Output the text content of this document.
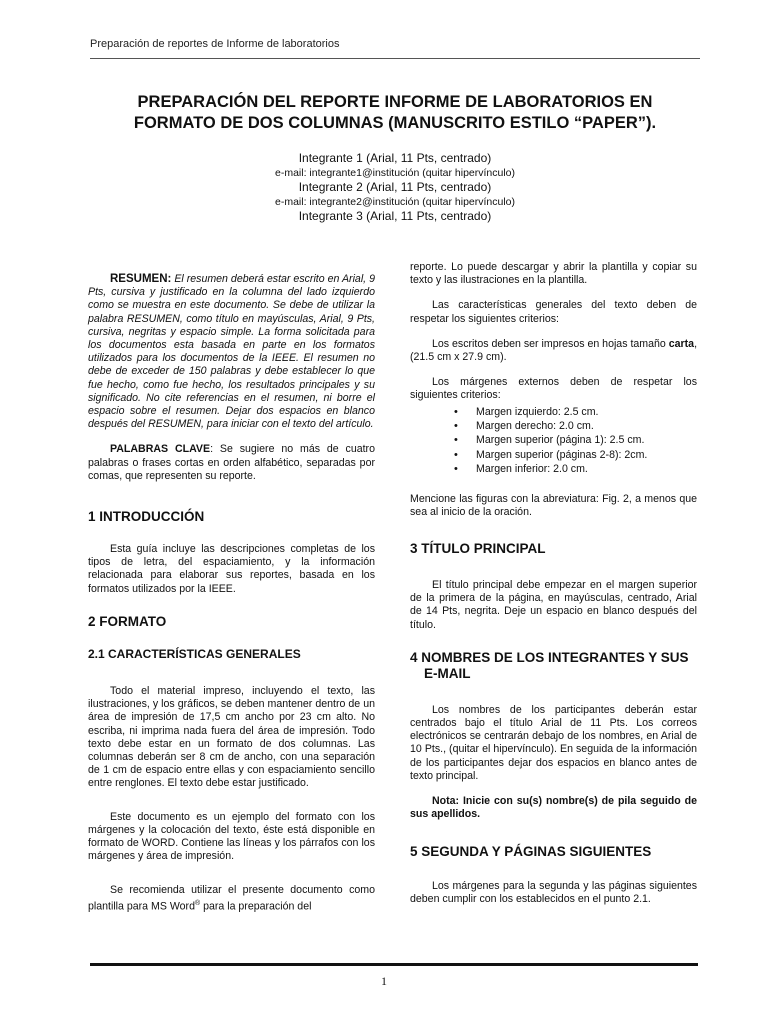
Preparación de reportes de Informe de laboratorios
PREPARACIÓN DEL REPORTE INFORME DE LABORATORIOS EN
FORMATO DE DOS COLUMNAS (MANUSCRITO ESTILO “PAPER”).
Integrante 1 (Arial, 11 Pts, centrado)
e-mail: integrante1@institución (quitar hipervínculo)
Integrante 2 (Arial, 11 Pts, centrado)
e-mail: integrante2@institución (quitar hipervínculo)
Integrante 3 (Arial, 11 Pts, centrado)

RESUMEN: El resumen deberá estar escrito en Arial, 9 Pts, cursiva y justificado en la columna del lado izquierdo como se muestra en este documento. Se debe de utilizar la palabra RESUMEN, como título en mayúsculas, Arial, 9 Pts, cursiva, negritas y espacio simple. La forma solicitada para los documentos esta basada en parte en los formatos utilizados para los documentos de la IEEE. El resumen no debe de exceder de 150 palabras y debe establecer lo que fue hecho, como fue hecho, los resultados principales y su significado. No cite referencias en el resumen, ni borre el espacio sobre el resumen. Dejar dos espacios en blanco después del RESUMEN, para iniciar con el texto del artículo.

PALABRAS CLAVE: Se sugiere no más de cuatro palabras o frases cortas en orden alfabético, separadas por comas, que representen su reporte.

1 INTRODUCCIÓN

Esta guía incluye las descripciones completas de los tipos de letra, del espaciamiento, y la información relacionada para elaborar sus reportes, basada en los formatos utilizados por la IEEE.

2 FORMATO
2.1 CARACTERÍSTICAS GENERALES

Todo el material impreso, incluyendo el texto, las ilustraciones, y los gráficos, se deben mantener dentro de un área de impresión de 17,5 cm ancho por 23 cm alto. No escriba, ni imprima nada fuera del área de impresión. Todo texto debe estar en un formato de dos columnas. Las columnas deberán ser 8 cm de ancho, con una separación de 1 cm de espacio entre ellas y con espaciamiento sencillo entre renglones. El texto debe estar justificado.

Este documento es un ejemplo del formato con los márgenes y la colocación del texto, éste está disponible en formato de WORD. Contiene las líneas y los párrafos con los márgenes y área de impresión.

Se recomienda utilizar el presente documento como plantilla para MS Word® para la preparación del

reporte. Lo puede descargar y abrir la plantilla y copiar su texto y las ilustraciones en la plantilla.

Las características generales del texto deben de respetar los siguientes criterios:

Los escritos deben ser impresos en hojas tamaño carta, (21.5 cm x 27.9 cm).

Los márgenes externos deben de respetar los siguientes criterios:

• Margen izquierdo: 2.5 cm.
• Margen derecho: 2.0 cm.
• Margen superior (página 1): 2.5 cm.
• Margen superior (páginas 2-8): 2cm.
• Margen inferior: 2.0 cm.

Mencione las figuras con la abreviatura: Fig. 2, a menos que sea al inicio de la oración.

3 TÍTULO PRINCIPAL

El título principal debe empezar en el margen superior de la primera de la página, en mayúsculas, centrado, Arial de 14 Pts, negrita. Deje un espacio en blanco después del título.

4 NOMBRES DE LOS INTEGRANTES Y SUS E-MAIL

Los nombres de los participantes deberán estar centrados bajo el título Arial de 11 Pts. Los correos electrónicos se centrarán debajo de los nombres, en Arial de 10 Pts., (quitar el hipervínculo). En seguida de la información de los participantes dejar dos espacios en blanco antes de texto principal.

Nota: Inicie con su(s) nombre(s) de pila seguido de sus apellidos.

5 SEGUNDA Y PÁGINAS SIGUIENTES

Los márgenes para la segunda y las páginas siguientes deben cumplir con los establecidos en el punto 2.1.

1
